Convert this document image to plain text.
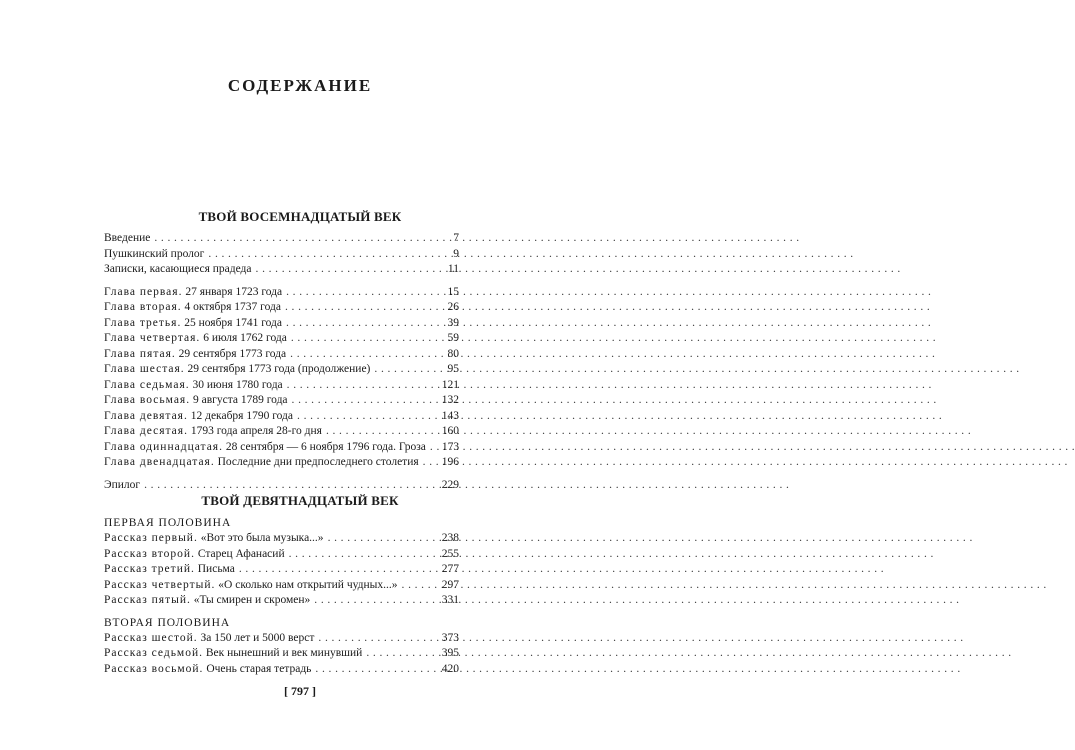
СОДЕРЖАНИЕ
ТВОЙ ВОСЕМНАДЦАТЫЙ ВЕК
Введение . . .	7
Пушкинский пролог . . .	9
Записки, касающиеся прадеда . . .	11
Глава первая. 27 января 1723 года . . .	15
Глава вторая. 4 октября 1737 года . . .	26
Глава третья. 25 ноября 1741 года . . .	39
Глава четвертая. 6 июля 1762 года . . .	59
Глава пятая. 29 сентября 1773 года . . .	80
Глава шестая. 29 сентября 1773 года (продолжение) . . .	95
Глава седьмая. 30 июня 1780 года . . .	121
Глава восьмая. 9 августа 1789 года . . .	132
Глава девятая. 12 декабря 1790 года . . .	143
Глава десятая. 1793 года апреля 28-го дня . . .	160
Глава одиннадцатая. 28 сентября — 6 ноября 1796 года. Гроза . . . 173
Глава двенадцатая. Последние дни предпоследнего столетия . . . 196
Эпилог . . .	229
ТВОЙ ДЕВЯТНАДЦАТЫЙ ВЕК
ПЕРВАЯ ПОЛОВИНА
Рассказ первый. «Вот это была музыка...» . . .	238
Рассказ второй. Старец Афанасий . . .	255
Рассказ третий. Письма . . .	277
Рассказ четвертый. «О сколько нам открытий чудных...» . . .	297
Рассказ пятый. «Ты смирен и скромен» . . .	331
ВТОРАЯ ПОЛОВИНА
Рассказ шестой. За 150 лет и 5000 верст . . .	373
Рассказ седьмой. Век нынешний и век минувший . . .	395
Рассказ восьмой. Очень старая тетрадь . . .	420
[ 797 ]
